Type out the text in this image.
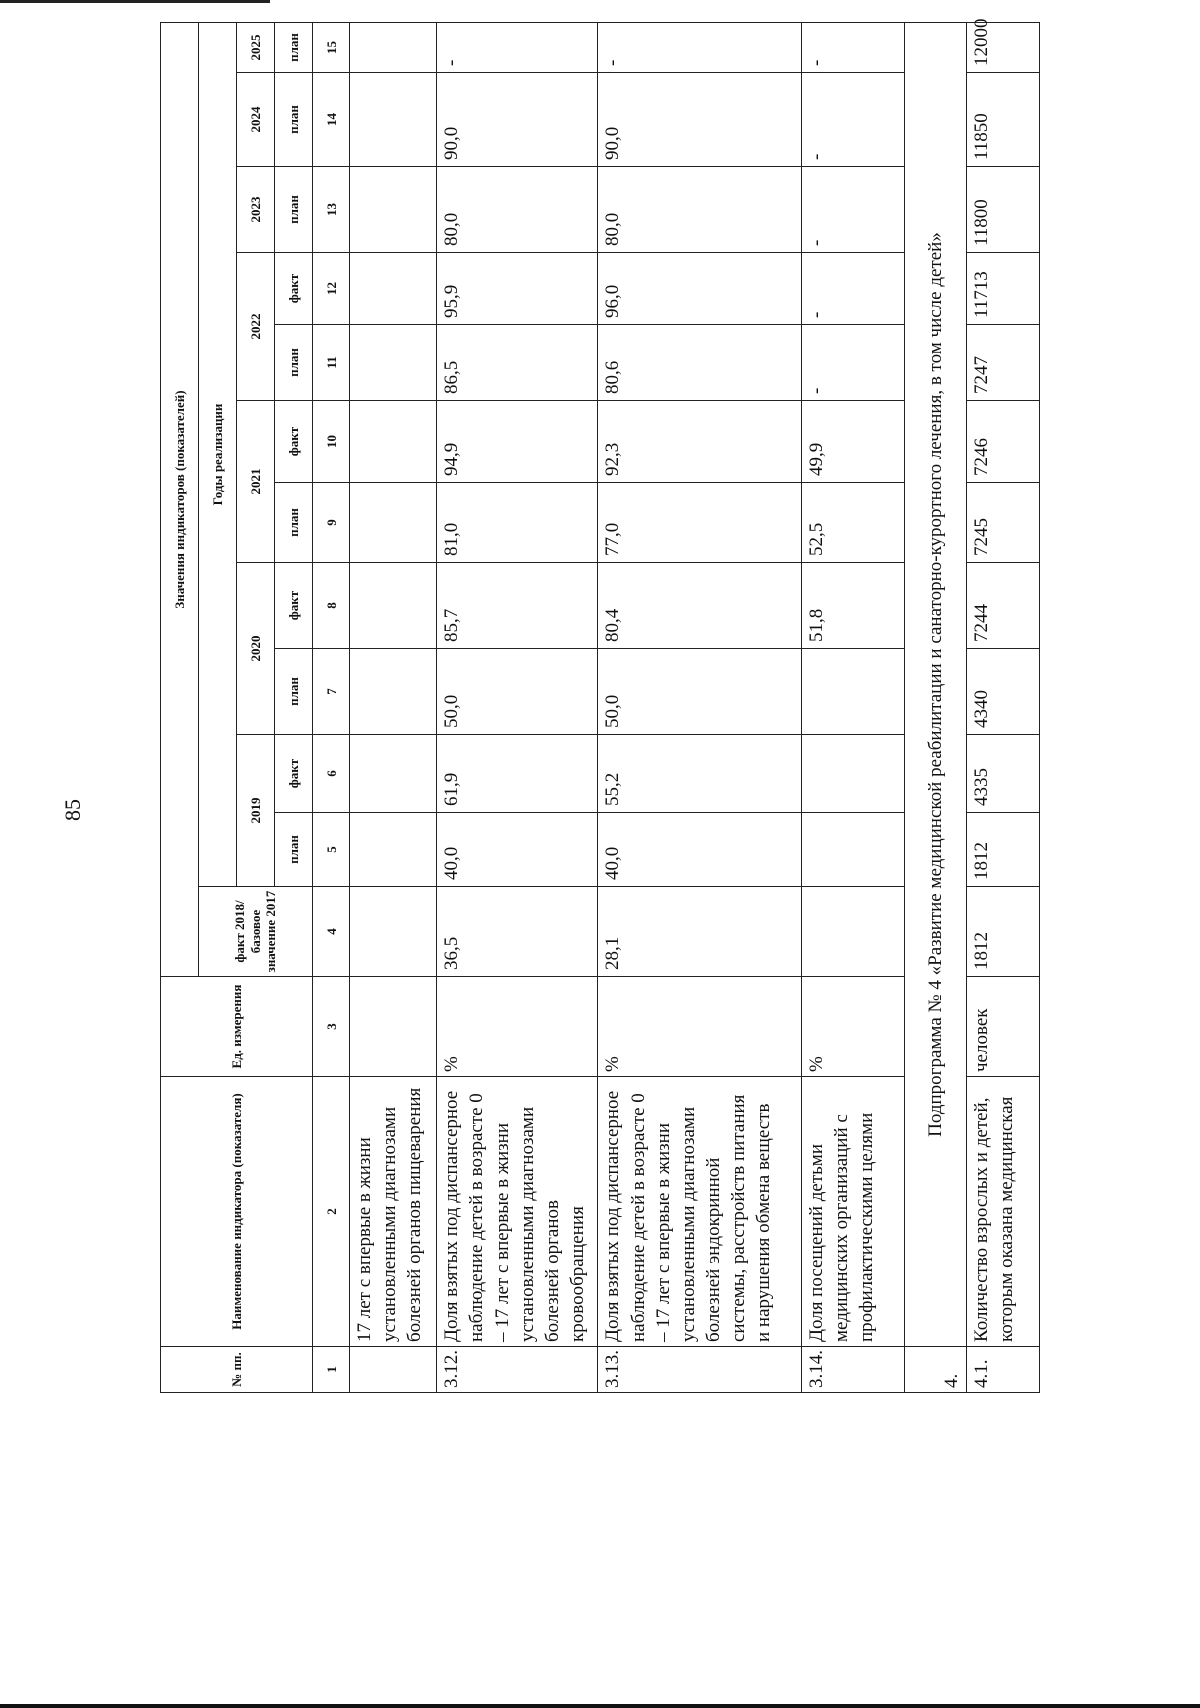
85
№ пп.	Наименование индикатора (показателя)	Ед. измерения	Значения индикаторов (показателей)											
			факт 2018/базовое значение 2017	Годы реализации										
				2019		2020		2021		2022		2023	2024	2025
				план	факт	план	факт	план	факт	план	факт	план	план	план
1	2	3	4	5	6	7	8	9	10	11	12	13	14	15
	17 лет с впервые в жизни установленными диагнозами болезней органов пищеварения													
3.12.	Доля взятых под диспансерное наблюдение детей в возрасте 0 – 17 лет с впервые в жизни установленными диагнозами болезней органов кровообращения	%	36,5	40,0	61,9	50,0	85,7	81,0	94,9	86,5	95,9	80,0	90,0	-
3.13.	Доля взятых под диспансерное наблюдение детей в возрасте 0 – 17 лет с впервые в жизни установленными диагнозами болезней эндокринной системы, расстройств питания и нарушения обмена веществ	%	28,1	40,0	55,2	50,0	80,4	77,0	92,3	80,6	96,0	80,0	90,0	-
3.14.	Доля посещений детьми медицинских организаций с профилактическими целями	%					51,8	52,5	49,9	-	-	-	-	-
4.	Подпрограмма № 4 «Развитие медицинской реабилитации и санаторно-курортного лечения, в том числе детей»													
4.1.	Количество взрослых и детей, которым оказана медицинская	человек	1812	1812	4335	4340	7244	7245	7246	7247	11713	11800	11850	12000
